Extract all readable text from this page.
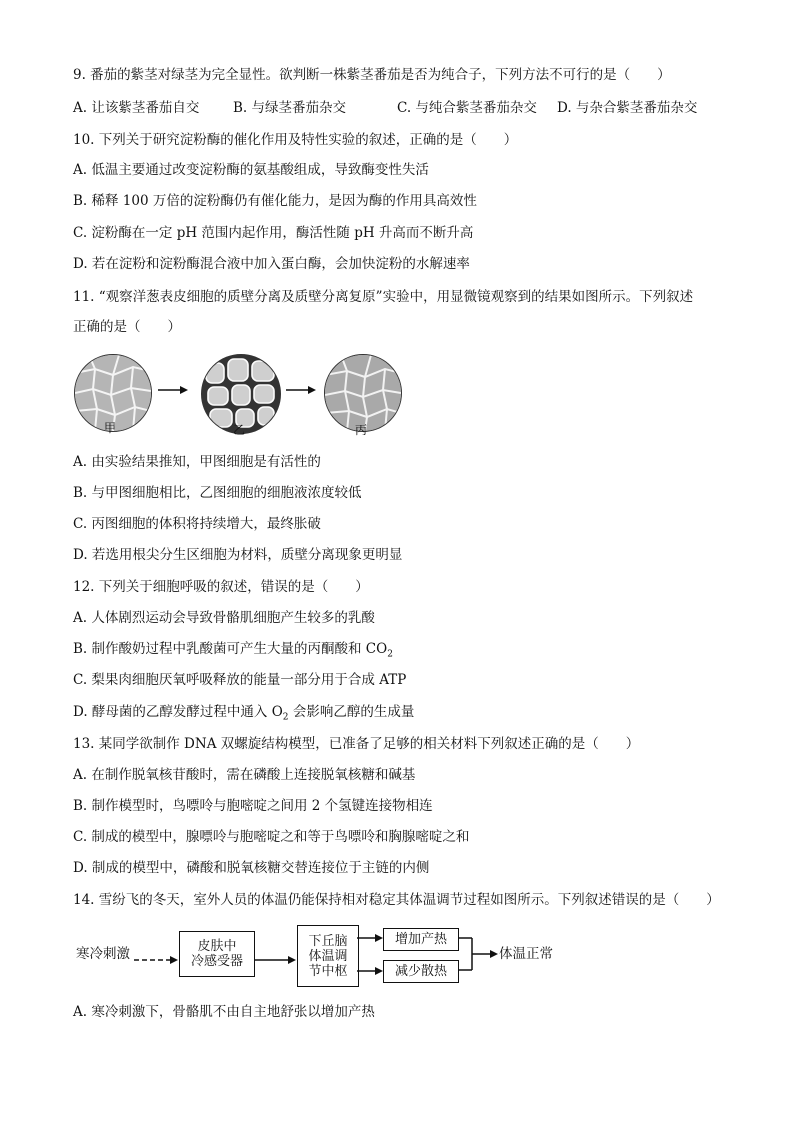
9. 番茄的紫茎对绿茎为完全显性。欲判断一株紫茎番茄是否为纯合子，下列方法不可行的是（　　）
A. 让该紫茎番茄自交 B. 与绿茎番茄杂交	C. 与纯合紫茎番茄杂交 D. 与杂合紫茎番茄杂交
10. 下列关于研究淀粉酶的催化作用及特性实验的叙述，正确的是（　　）
A. 低温主要通过改变淀粉酶的氨基酸组成，导致酶变性失活
B. 稀释 100 万倍的淀粉酶仍有催化能力，是因为酶的作用具高效性
C. 淀粉酶在一定 pH 范围内起作用，酶活性随 pH 升高而不断升高
D. 若在淀粉和淀粉酶混合液中加入蛋白酶，会加快淀粉的水解速率
11. “观察洋葱表皮细胞的质壁分离及质壁分离复原”实验中，用显微镜观察到的结果如图所示。下列叙述
正确的是（　　）
甲	乙	丙
A. 由实验结果推知，甲图细胞是有活性的
B. 与甲图细胞相比，乙图细胞的细胞液浓度较低
C. 丙图细胞的体积将持续增大，最终胀破
D. 若选用根尖分生区细胞为材料，质壁分离现象更明显
12. 下列关于细胞呼吸的叙述，错误的是（　　）
A. 人体剧烈运动会导致骨骼肌细胞产生较多的乳酸
B. 制作酸奶过程中乳酸菌可产生大量的丙酮酸和 $CO_2$
C. 梨果肉细胞厌氧呼吸释放的能量一部分用于合成 ATP
D. 酵母菌的乙醇发酵过程中通入 $O_2$ 会影响乙醇的生成量
13. 某同学欲制作 DNA 双螺旋结构模型，已准备了足够的相关材料下列叙述正确的是（　　）
A. 在制作脱氧核苷酸时，需在磷酸上连接脱氧核糖和碱基
B. 制作模型时，鸟嘌呤与胞嘧啶之间用 2 个氢键连接物相连
C. 制成的模型中，腺嘌呤与胞嘧啶之和等于鸟嘌呤和胸腺嘧啶之和
D. 制成的模型中，磷酸和脱氧核糖交替连接位于主链的内侧
14. 雪纷飞的冬天，室外人员的体温仍能保持相对稳定其体温调节过程如图所示。下列叙述错误的是（　　）
寒冷刺激	皮肤中
冷感受器
下丘脑
体温调
节中枢
增加产热
减少散热
体温正常
A. 寒冷刺激下，骨骼肌不由自主地舒张以增加产热
